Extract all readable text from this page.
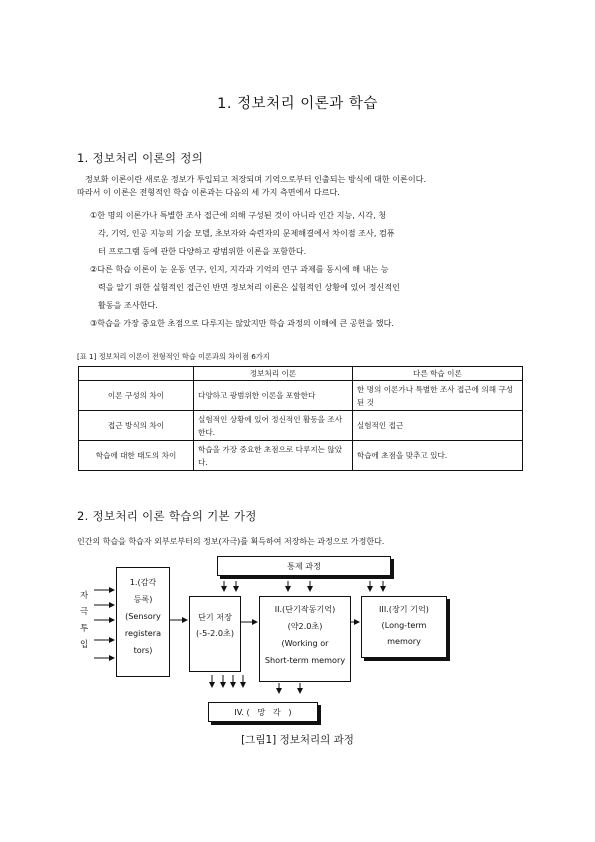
1. 정보처리 이론과 학습
1. 정보처리 이론의 정의
정보화 이론이란 새로운 정보가 투입되고 저장되며 기억으로부터 인출되는 방식에 대한 이론이다.
따라서 이 이론은 전형적인 학습 이론과는 다음의 세 가지 측면에서 다르다.
①한 명의 이론가나 특별한 조사 접근에 의해 구성된 것이 아니라 인간 지능, 시각, 청
각, 기억, 인공 지능의 기술 모델, 초보자와 숙련자의 문제해결에서 차이점 조사, 컴퓨
터 프로그램 등에 관한 다양하고 광범위한 이론을 포함한다.
②다른 학습 이론이 눈 운동 연구, 인지, 지각과 기억의 연구 과제를 동시에 해 내는 능
력을 알기 위한 실험적인 접근인 반면 정보처리 이론은 실험적인 상황에 있어 정신적인
활동을 조사한다.
③학습을 가장 중요한 초점으로 다루지는 않았지만 학습 과정의 이해에 큰 공헌을 했다.
[표 1] 정보처리 이론이 전형적인 학습 이론과의 차이점 6가지
	정보처리 이론	다른 학습 이론
이론 구성의 차이	다양하고 광범위한 이론을 포함한다	한 명의 이론가나 특별한 조사 접근에 의해 구성된 것
접근 방식의 차이	실험적인 상황에 있어 정신적인 활동을 조사한다.	실험적인 접근
학습에 대한 태도의 차이	학습을 가장 중요한 초점으로 다루지는 않았다.	학습에 초점을 맞추고 있다.
2. 정보처리 이론 학습의 기본 가정
인간의 학습을 학습자 외부로부터의 정보(자극)를 획득하여 저장하는 과정으로 가정한다.
자
극
투
입
통제 과정
1.(감각
등록)
(Sensory
registera
tors)
단기 저장
(-5-2.0초)
II.(단기작동기억)
(약2.0초)
(Working or
Short-term memory
III.(장기 기억)
(Long-term
memory
IV. (   망   각   )
[그림1] 정보처리의 과정
